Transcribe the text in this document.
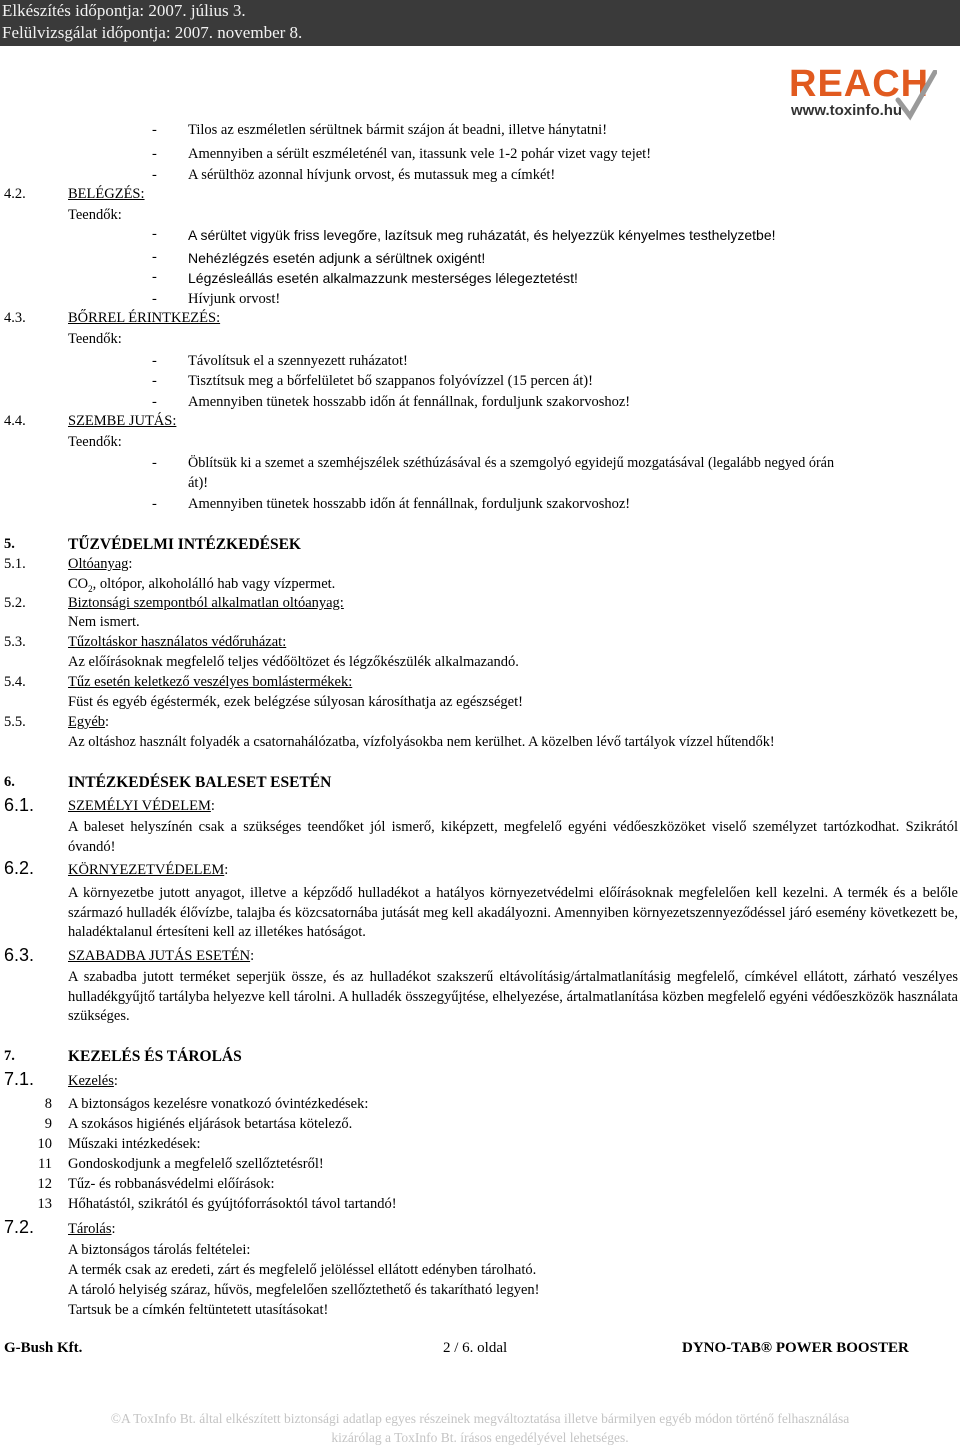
Elkészítés időpontja: 2007. július 3.
Felülvizsgálat időpontja: 2007. november 8.
REACH
www.toxinfo.hu
- Tilos az eszméletlen sérültnek bármit szájon át beadni, illetve hánytatni!
- Amennyiben a sérült eszméleténél van, itassunk vele 1-2 pohár vizet vagy tejet!
- A sérülthöz azonnal hívjunk orvost, és mutassuk meg a címkét!
4.2.	BELÉGZÉS:
Teendők:
- A sérültet vigyük friss levegőre, lazítsuk meg ruházatát, és helyezzük kényelmes testhelyzetbe!
- Nehézlégzés esetén adjunk a sérültnek oxigént!
- Légzésleállás esetén alkalmazzunk mesterséges lélegeztetést!
- Hívjunk orvost!
4.3.	BŐRREL ÉRINTKEZÉS:
Teendők:
- Távolítsuk el a szennyezett ruházatot!
- Tisztítsuk meg a bőrfelületet bő szappanos folyóvízzel (15 percen át)!
- Amennyiben tünetek hosszabb időn át fennállnak, forduljunk szakorvoshoz!
4.4.	SZEMBE JUTÁS:
Teendők:
- Öblítsük ki a szemet a szemhéjszélek széthúzásával és a szemgolyó egyidejű mozgatásával (legalább negyed órán
át)!
- Amennyiben tünetek hosszabb időn át fennállnak, forduljunk szakorvoshoz!
5.	TŰZVÉDELMI INTÉZKEDÉSEK
5.1.	Oltóanyag:
$CO_2$, oltópor, alkoholálló hab vagy vízpermet.
5.2.	Biztonsági szempontból alkalmatlan oltóanyag:
Nem ismert.
5.3.	Tűzoltáskor használatos védőruházat:
Az előírásoknak megfelelő teljes védőöltözet és légzőkészülék alkalmazandó.
5.4.	Tűz esetén keletkező veszélyes bomlástermékek:
Füst és egyéb égéstermék, ezek belégzése súlyosan károsíthatja az egészséget!
5.5.	Egyéb:
Az oltáshoz használt folyadék a csatornahálózatba, vízfolyásokba nem kerülhet. A közelben lévő tartályok vízzel hűtendők!
6.	INTÉZKEDÉSEK BALESET ESETÉN
6.1. SZEMÉLYI VÉDELEM:
A baleset helyszínén csak a szükséges teendőket jól ismerő, kiképzett, megfelelő egyéni védőeszközöket viselő személyzet tartózkodhat. Szikrától óvandó!
6.2. KÖRNYEZETVÉDELEM:
A környezetbe jutott anyagot, illetve a képződő hulladékot a hatályos környezetvédelmi előírásoknak megfelelően kell kezelni. A termék és a belőle származó hulladék élővízbe, talajba és közcsatornába jutását meg kell akadályozni. Amennyiben környezetszennyeződéssel járó esemény következett be, haladéktalanul értesíteni kell az illetékes hatóságot.
6.3. SZABADBA JUTÁS ESETÉN:
A szabadba jutott terméket seperjük össze, és az hulladékot szakszerű eltávolításig/ártalmatlanításig megfelelő, címkével ellátott, zárható veszélyes hulladékgyűjtő tartályba helyezve kell tárolni. A hulladék összegyűjtése, elhelyezése, ártalmatlanítása közben megfelelő egyéni védőeszközök használata szükséges.
7.	KEZELÉS ÉS TÁROLÁS
7.1. Kezelés:
8 A biztonságos kezelésre vonatkozó óvintézkedések:
9 A szokásos higiénés eljárások betartása kötelező.
10 Műszaki intézkedések:
11 Gondoskodjunk a megfelelő szellőztetésről!
12 Tűz- és robbanásvédelmi előírások:
13 Hőhatástól, szikrától és gyújtóforrásoktól távol tartandó!
7.2. Tárolás:
A biztonságos tárolás feltételei:
A termék csak az eredeti, zárt és megfelelő jelöléssel ellátott edényben tárolható.
A tároló helyiség száraz, hűvös, megfelelően szellőztethető és takarítható legyen!
Tartsuk be a címkén feltüntetett utasításokat!
G-Bush Kft.	2 / 6. oldal	DYNO-TAB® POWER BOOSTER
©A ToxInfo Bt. által elkészített biztonsági adatlap egyes részeinek megváltoztatása illetve bármilyen egyéb módon történő felhasználása
kizárólag a ToxInfo Bt. írásos engedélyével lehetséges.
